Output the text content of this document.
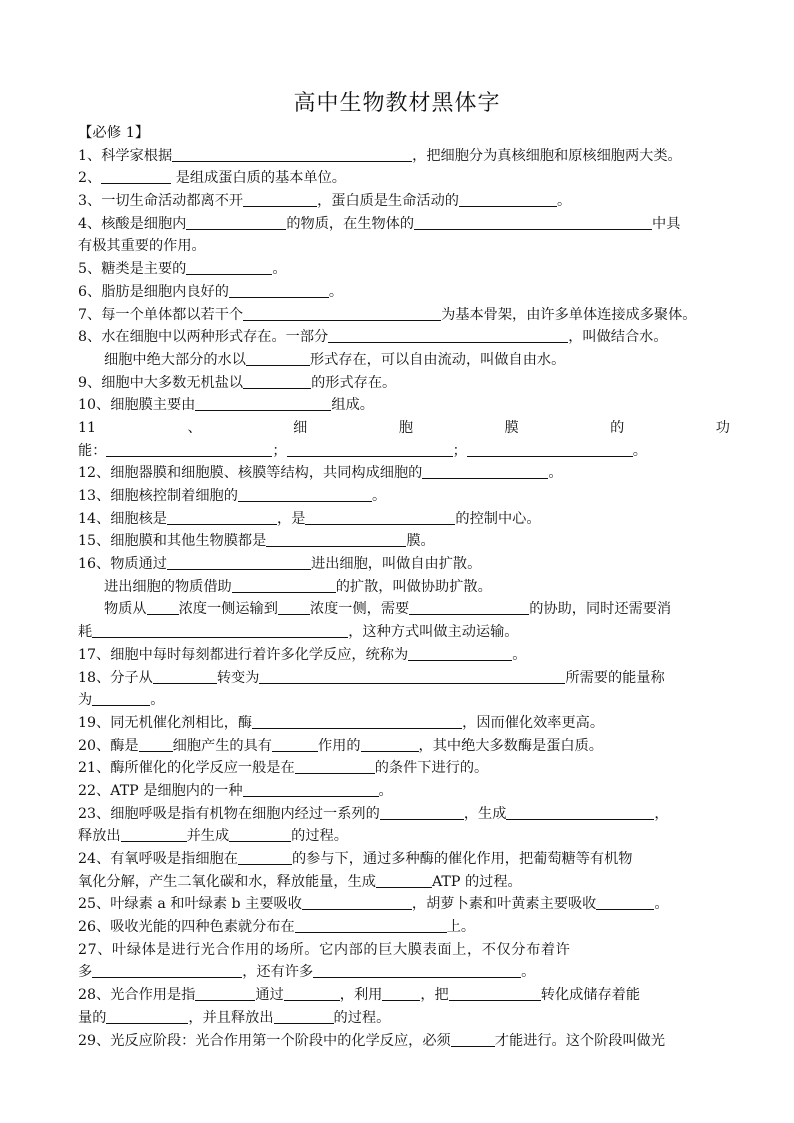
高中生物教材黑体字
【必修 1】
1、科学家根据	，把细胞分为真核细胞和原核细胞两大类。
2、	是组成蛋白质的基本单位。
3、一切生命活动都离不开	，蛋白质是生命活动的	。
4、核酸是细胞内	的物质，在生物体的	中具
有极其重要的作用。
5、糖类是主要的	。
6、脂肪是细胞内良好的	。
7、每一个单体都以若干个	为基本骨架，由许多单体连接成多聚体。
8、水在细胞中以两种形式存在。一部分	，叫做结合水。
细胞中绝大部分的水以	形式存在，可以自由流动，叫做自由水。
9、细胞中大多数无机盐以	的形式存在。
10、细胞膜主要由	组成。
11	、	细	胞	膜	的	功
能：	；	；	。
12、细胞器膜和细胞膜、核膜等结构，共同构成细胞的	。
13、细胞核控制着细胞的	。
14、细胞核是	，是	的控制中心。
15、细胞膜和其他生物膜都是	膜。
16、物质通过	进出细胞，叫做自由扩散。
进出细胞的物质借助	的扩散，叫做协助扩散。
物质从 浓度一侧运输到 浓度一侧，需要	的协助，同时还需要消
耗	，这种方式叫做主动运输。
17、细胞中每时每刻都进行着许多化学反应，统称为	。
18、分子从	转变为	所需要的能量称
为	。
19、同无机催化剂相比，酶	，因而催化效率更高。
20、酶是 细胞产生的具有	作用的	，其中绝大多数酶是蛋白质。
21、酶所催化的化学反应一般是在	的条件下进行的。
22、ATP 是细胞内的一种	。
23、细胞呼吸是指有机物在细胞内经过一系列的	，生成	，
释放出	并生成	的过程。
24、有氧呼吸是指细胞在	的参与下，通过多种酶的催化作用，把葡萄糖等有机物
氧化分解，产生二氧化碳和水，释放能量，生成	ATP 的过程。
25、叶绿素 a 和叶绿素 b 主要吸收	，胡萝卜素和叶黄素主要吸收	。
26、吸收光能的四种色素就分布在	上。
27、叶绿体是进行光合作用的场所。它内部的巨大膜表面上，不仅分布着许
多	，还有许多	。
28、光合作用是指	通过	，利用	，把	转化成储存着能
量的	，并且释放出	的过程。
29、光反应阶段：光合作用第一个阶段中的化学反应，必须	才能进行。这个阶段叫做光
